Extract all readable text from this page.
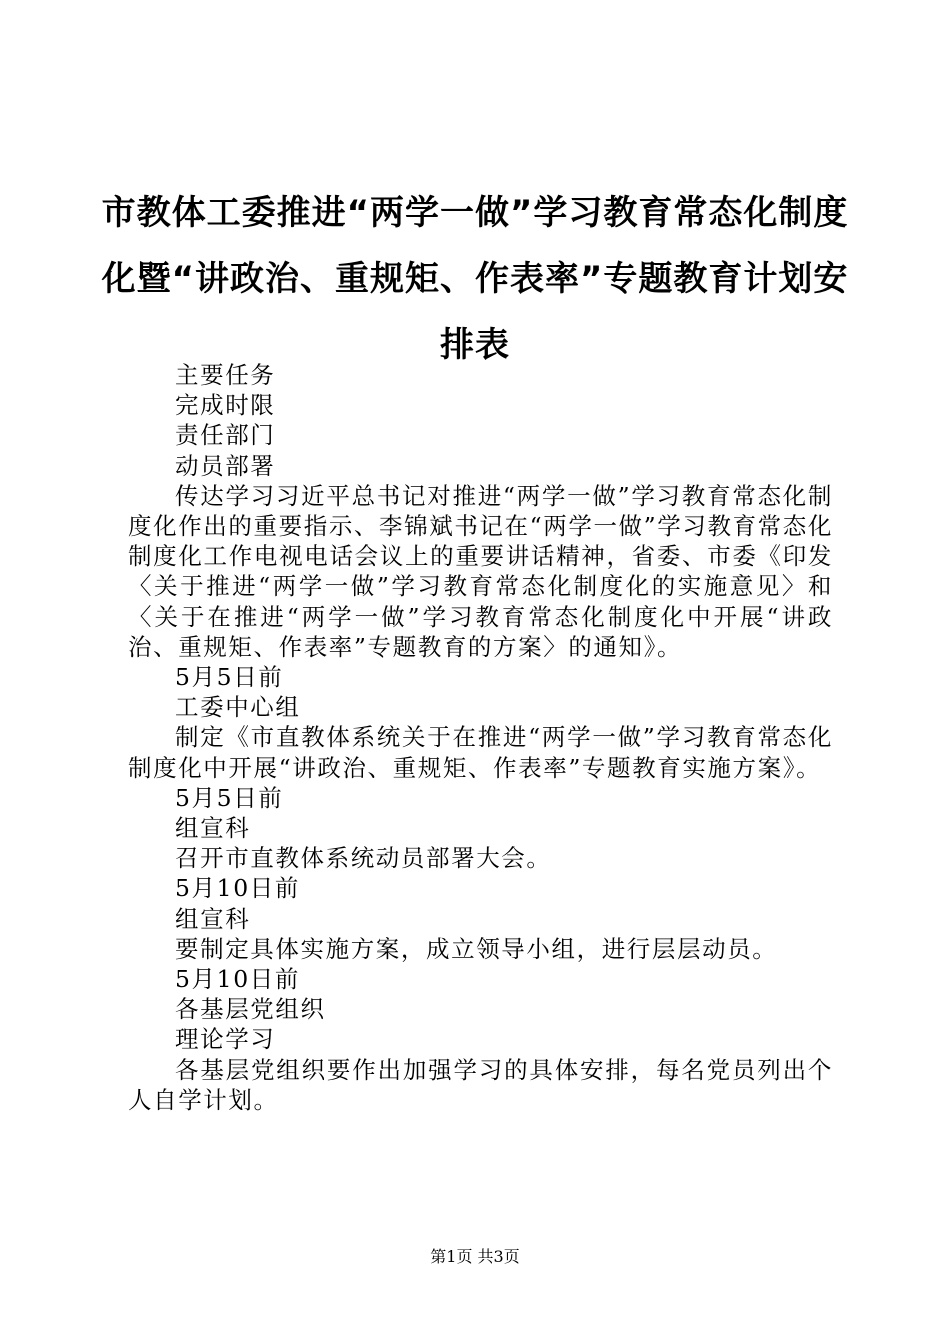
市教体工委推进“两学一做”学习教育常态化制度化暨“讲政治、重规矩、作表率”专题教育计划安排表

主要任务

完成时限

责任部门

动员部署

传达学习习近平总书记对推进“两学一做”学习教育常态化制度化作出的重要指示、李锦斌书记在“两学一做”学习教育常态化制度化工作电视电话会议上的重要讲话精神，省委、市委《印发〈关于推进“两学一做”学习教育常态化制度化的实施意见〉和〈关于在推进“两学一做”学习教育常态化制度化中开展“讲政治、重规矩、作表率”专题教育的方案〉的通知》。

5月5日前

工委中心组

制定《市直教体系统关于在推进“两学一做”学习教育常态化制度化中开展“讲政治、重规矩、作表率”专题教育实施方案》。

5月5日前

组宣科

召开市直教体系统动员部署大会。

5月10日前

组宣科

要制定具体实施方案，成立领导小组，进行层层动员。

5月10日前

各基层党组织

理论学习

各基层党组织要作出加强学习的具体安排，每名党员列出个人自学计划。

第1页 共3页
